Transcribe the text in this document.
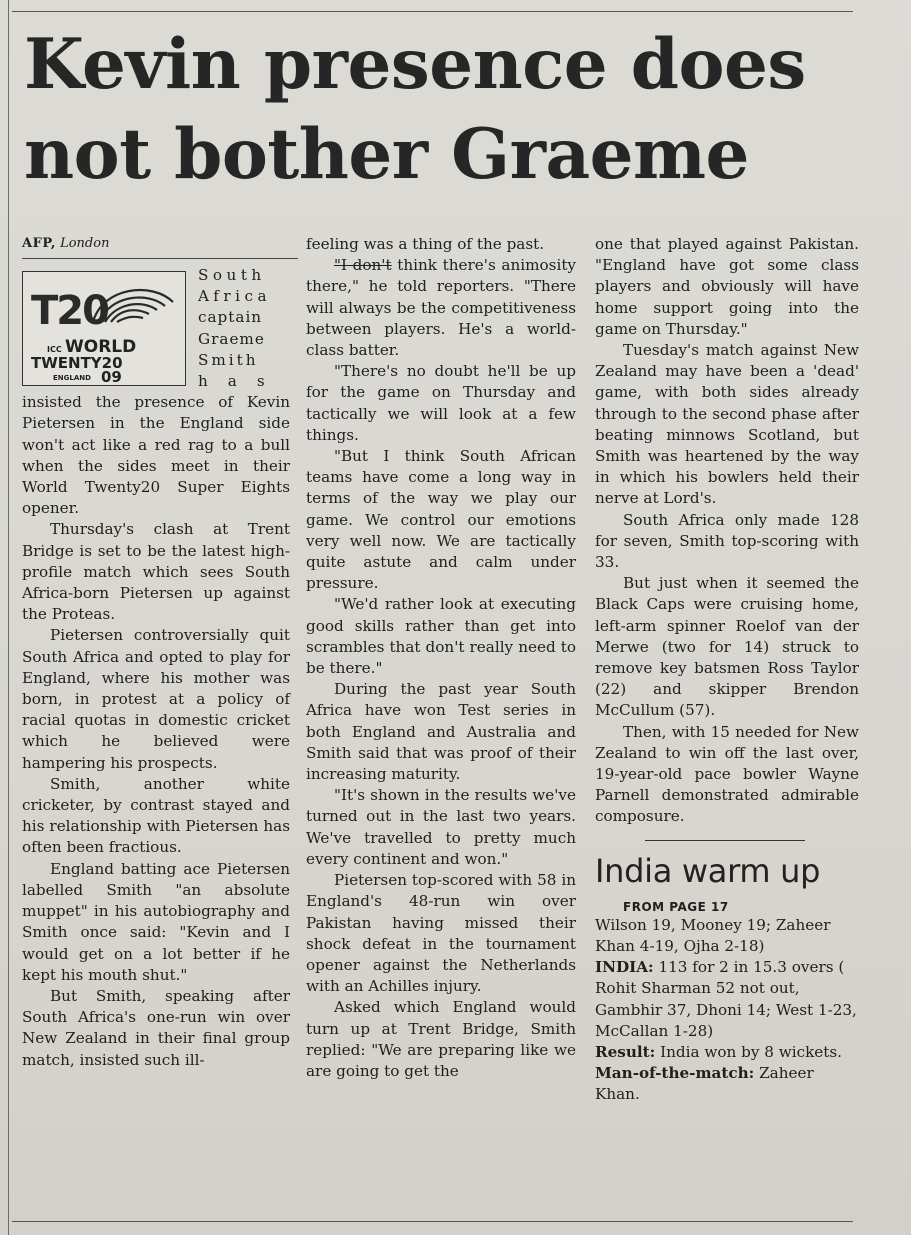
Kevin presence does
not bother Graeme

AFP, London

T20
ICC WORLD
TWENTY20
ENGLAND 09
South
Africa
captain
Graeme
Smith
has

insisted the presence of Kevin Pietersen in the England side won't act like a red rag to a bull when the sides meet in their World Twenty20 Super Eights opener.

Thursday's clash at Trent Bridge is set to be the latest high-profile match which sees South Africa-born Pietersen up against the Proteas.

Pietersen controversially quit South Africa and opted to play for England, where his mother was born, in protest at a policy of racial quotas in domestic cricket which he believed were hampering his prospects.

Smith, another white cricketer, by contrast stayed and his relationship with Pietersen has often been fractious.

England batting ace Pietersen labelled Smith "an absolute muppet" in his autobiography and Smith once said: "Kevin and I would get on a lot better if he kept his mouth shut."

But Smith, speaking after South Africa's one-run win over New Zealand in their final group match, insisted such ill-

feeling was a thing of the past.

"I don't think there's animosity there," he told reporters. "There will always be the competitiveness between players. He's a world-class batter.

"There's no doubt he'll be up for the game on Thursday and tactically we will look at a few things.

"But I think South African teams have come a long way in terms of the way we play our game. We control our emotions very well now. We are tactically quite astute and calm under pressure.

"We'd rather look at executing good skills rather than get into scrambles that don't really need to be there."

During the past year South Africa have won Test series in both England and Australia and Smith said that was proof of their increasing maturity.

"It's shown in the results we've turned out in the last two years. We've travelled to pretty much every continent and won."

Pietersen top-scored with 58 in England's 48-run win over Pakistan having missed their shock defeat in the tournament opener against the Netherlands with an Achilles injury.

Asked which England would turn up at Trent Bridge, Smith replied: "We are preparing like we are going to get the

one that played against Pakistan. "England have got some class players and obviously will have home support going into the game on Thursday."

Tuesday's match against New Zealand may have been a 'dead' game, with both sides already through to the second phase after beating minnows Scotland, but Smith was heartened by the way in which his bowlers held their nerve at Lord's.

South Africa only made 128 for seven, Smith top-scoring with 33.

But just when it seemed the Black Caps were cruising home, left-arm spinner Roelof van der Merwe (two for 14) struck to remove key batsmen Ross Taylor (22) and skipper Brendon McCullum (57).

Then, with 15 needed for New Zealand to win off the last over, 19-year-old pace bowler Wayne Parnell demonstrated admirable composure.

India warm up

FROM PAGE 17

Wilson 19, Mooney 19; Zaheer Khan 4-19, Ojha 2-18)

INDIA: 113 for 2 in 15.3 overs ( Rohit Sharman 52 not out, Gambhir 37, Dhoni 14; West 1-23, McCallan 1-28)

Result: India won by 8 wickets.

Man-of-the-match: Zaheer Khan.
